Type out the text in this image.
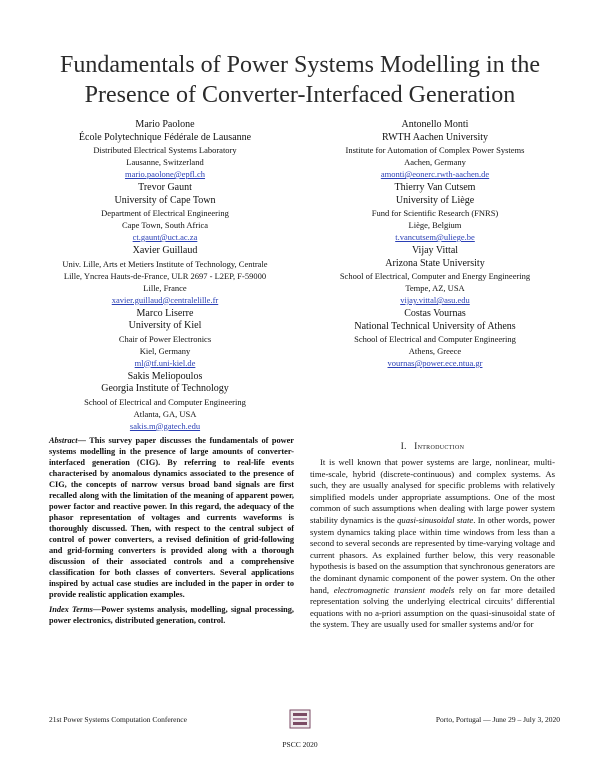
Fundamentals of Power Systems Modelling in the
Presence of Converter-Interfaced Generation
Mario Paolone
École Polytechnique Fédérale de Lausanne
Distributed Electrical Systems Laboratory
Lausanne, Switzerland
mario.paolone@epfl.ch
Trevor Gaunt
University of Cape Town
Department of Electrical Engineering
Cape Town, South Africa
ct.gaunt@uct.ac.za
Xavier Guillaud
Univ. Lille, Arts et Metiers Institute of Technology, Centrale
Lille, Yncrea Hauts-de-France, ULR 2697 - L2EP, F-59000
Lille, France
xavier.guillaud@centralelille.fr
Marco Liserre
University of Kiel
Chair of Power Electronics
Kiel, Germany
ml@tf.uni-kiel.de
Sakis Meliopoulos
Georgia Institute of Technology
School of Electrical and Computer Engineering
Atlanta, GA, USA
sakis.m@gatech.edu
Antonello Monti
RWTH Aachen University
Institute for Automation of Complex Power Systems
Aachen, Germany
amonti@eonerc.rwth-aachen.de
Thierry Van Cutsem
University of Liège
Fund for Scientific Research (FNRS)
Liège, Belgium
t.vancutsem@uliege.be
Vijay Vittal
Arizona State University
School of Electrical, Computer and Energy Engineering
Tempe, AZ, USA
vijay.vittal@asu.edu
Costas Vournas
National Technical University of Athens
School of Electrical and Computer Engineering
Athens, Greece
vournas@power.ece.ntua.gr
Abstract— This survey paper discusses the fundamentals of power systems modelling in the presence of large amounts of converter-interfaced generation (CIG). By referring to real-life events characterised by anomalous dynamics associated to the presence of CIG, the concepts of narrow versus broad band signals are first recalled along with the limitation of the meaning of apparent power, power factor and reactive power. In this regard, the adequacy of the phasor representation of voltages and currents waveforms is thoroughly discussed. Then, with respect to the central subject of control of power converters, a revised definition of grid-following and grid-forming converters is provided along with a thorough discussion of their associated controls and a comprehensive classification for both classes of converters. Several applications inspired by actual case studies are included in the paper in order to provide realistic application examples.
Index Terms—Power systems analysis, modelling, signal processing, power electronics, distributed generation, control.
I. Introduction

It is well known that power systems are large, nonlinear, multi-time-scale, hybrid (discrete-continuous) and complex systems. As such, they are usually analysed for specific problems with relatively simplified models under appropriate assumptions. One of the most common of such assumptions when dealing with large power system stability dynamics is the quasi-sinusoidal state. In other words, power system dynamics taking place within time windows from less than a second to several seconds are represented by time-varying voltage and current phasors. As explained further below, this very reasonable hypothesis is based on the assumption that synchronous generators are the dominant dynamic component of the power system. On the other hand, electromagnetic transient models rely on far more detailed representation solving the underlying electrical circuits’ differential equations with no a-priori assumption on the quasi-sinusoidal state of the system. They are usually used for smaller systems and/or for

21st Power Systems Computation Conference	Porto, Portugal — June 29 – July 3, 2020
PSCC 2020
